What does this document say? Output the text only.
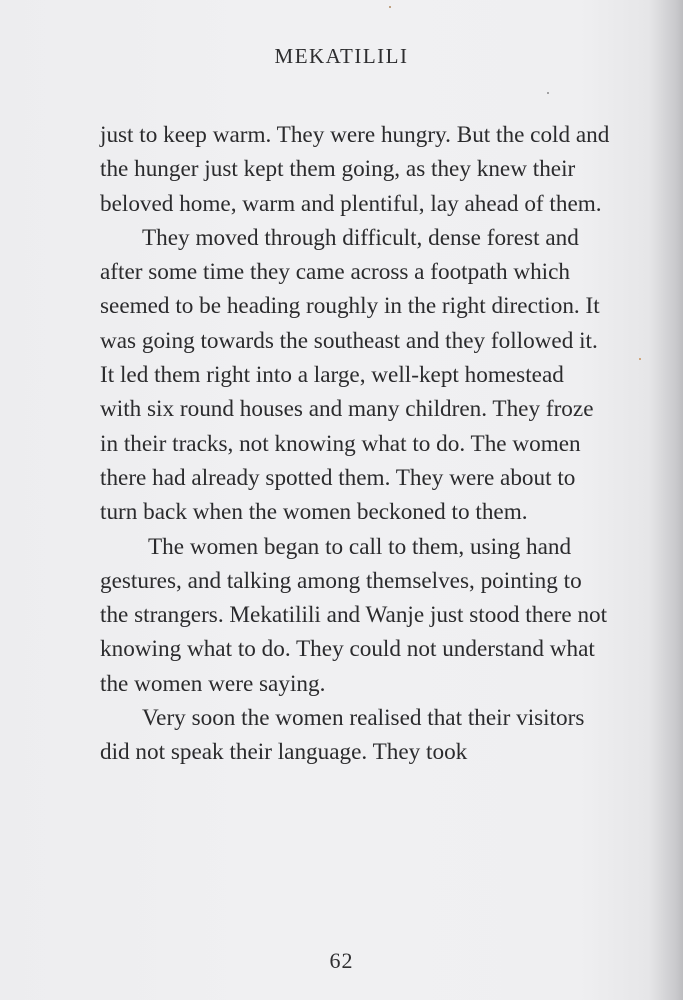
MEKATILILI

just to keep warm. They were hungry. But the cold and the hunger just kept them going, as they knew their beloved home, warm and plentiful, lay ahead of them.

They moved through difficult, dense forest and after some time they came across a footpath which seemed to be heading roughly in the right direction. It was going towards the southeast and they followed it. It led them right into a large, well-kept homestead with six round houses and many children. They froze in their tracks, not knowing what to do. The women there had already spotted them. They were about to turn back when the women beckoned to them.

The women began to call to them, using hand gestures, and talking among themselves, pointing to the strangers. Mekatilili and Wanje just stood there not knowing what to do. They could not understand what the women were saying.

Very soon the women realised that their visitors did not speak their language. They took

62
